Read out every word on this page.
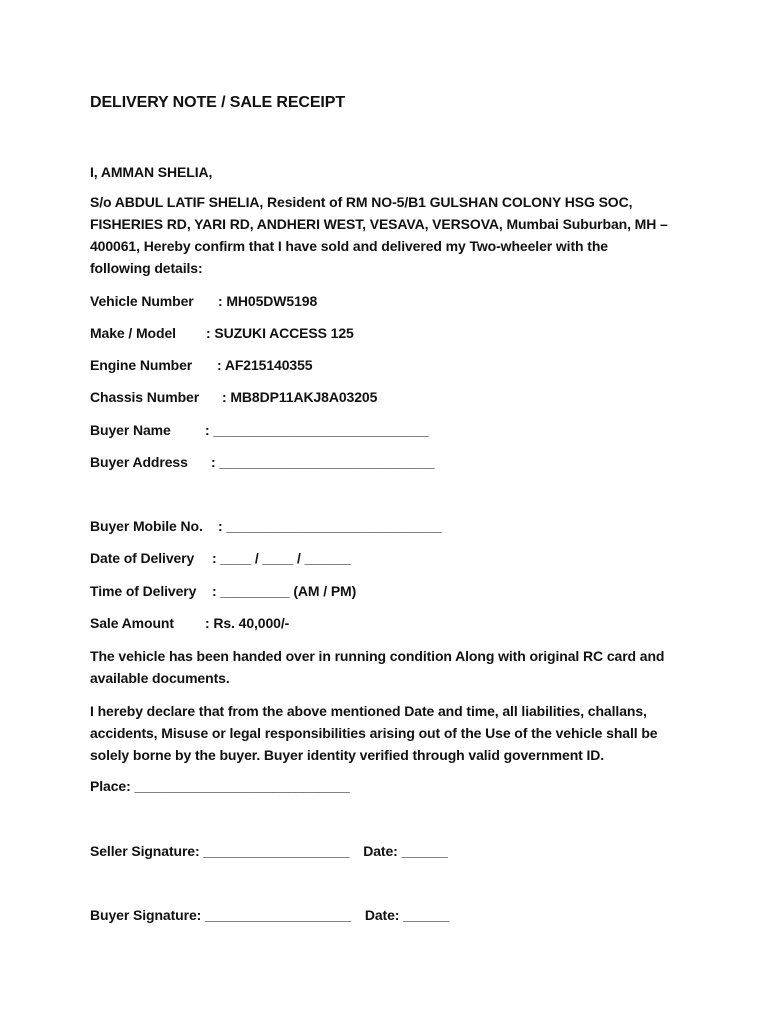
DELIVERY NOTE / SALE RECEIPT
I, AMMAN SHELIA,
S/o ABDUL LATIF SHELIA, Resident of RM NO-5/B1 GULSHAN COLONY HSG SOC,
FISHERIES RD, YARI RD, ANDHERI WEST, VESAVA, VERSOVA, Mumbai Suburban, MH –
400061, Hereby confirm that I have sold and delivered my Two-wheeler with the
following details:
Vehicle Number : MH05DW5198
Make / Model : SUZUKI ACCESS 125
Engine Number : AF215140355
Chassis Number : MB8DP11AKJ8A03205
Buyer Name : ____________________________
Buyer Address : ____________________________
Buyer Mobile No. : ____________________________
Date of Delivery : ____ / ____ / ______
Time of Delivery : _________ (AM / PM)
Sale Amount : Rs. 40,000/-
The vehicle has been handed over in running condition Along with original RC card and
available documents.
I hereby declare that from the above mentioned Date and time, all liabilities, challans,
accidents, Misuse or legal responsibilities arising out of the Use of the vehicle shall be
solely borne by the buyer. Buyer identity verified through valid government ID.
Place: ____________________________
Seller Signature: ___________________ Date: ______
Buyer Signature: ___________________ Date: ______
